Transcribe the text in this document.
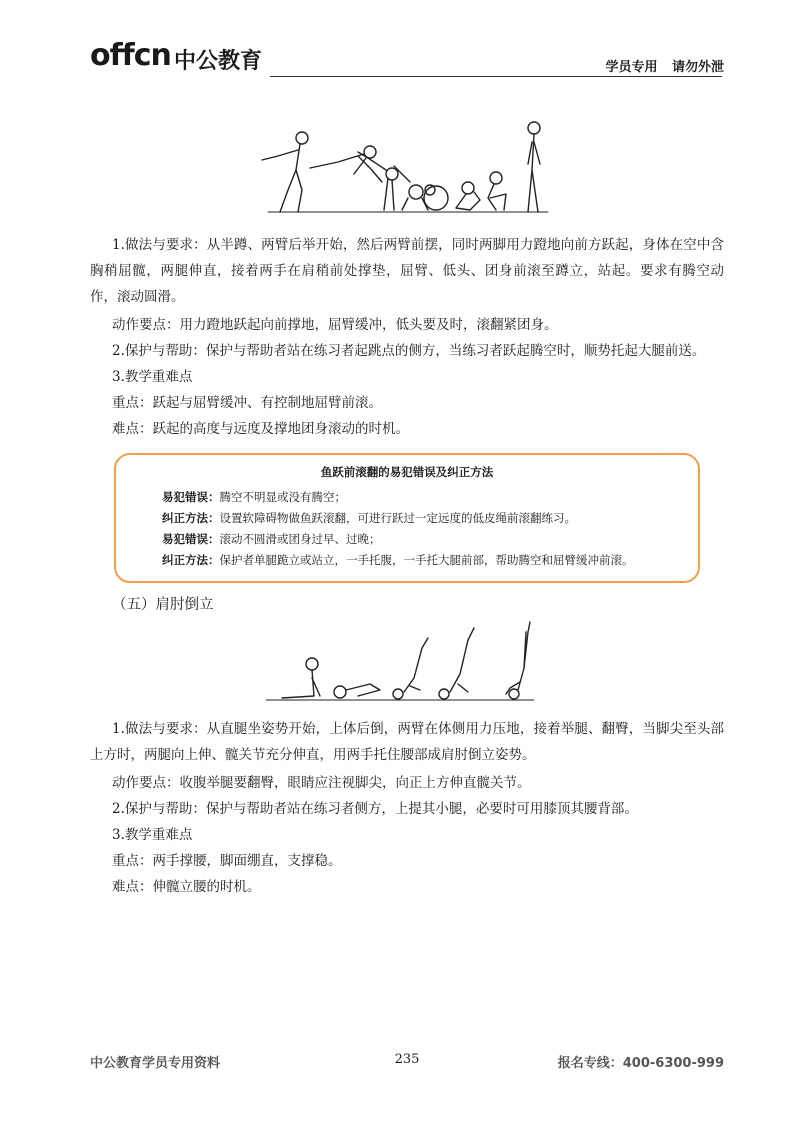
offcn 中公教育	学员专用 请勿外泄
1.做法与要求：从半蹲、两臂后举开始，然后两臂前摆，同时两脚用力蹬地向前方跃起，身体在空中含胸稍屈髋，两腿伸直，接着两手在肩稍前处撑垫，屈臂、低头、团身前滚至蹲立，站起。要求有腾空动作，滚动圆滑。
动作要点：用力蹬地跃起向前撑地，屈臂缓冲，低头要及时，滚翻紧团身。
2.保护与帮助：保护与帮助者站在练习者起跳点的侧方，当练习者跃起腾空时，顺势托起大腿前送。
3.教学重难点
重点：跃起与屈臂缓冲、有控制地屈臂前滚。
难点：跃起的高度与远度及撑地团身滚动的时机。
鱼跃前滚翻的易犯错误及纠正方法
易犯错误：腾空不明显或没有腾空；
纠正方法：设置软障碍物做鱼跃滚翻，可进行跃过一定远度的低皮绳前滚翻练习。
易犯错误：滚动不圆滑或团身过早、过晚；
纠正方法：保护者单腿跪立或站立，一手托腹，一手托大腿前部，帮助腾空和屈臂缓冲前滚。
（五）肩肘倒立
1.做法与要求：从直腿坐姿势开始，上体后倒，两臂在体侧用力压地，接着举腿、翻臀，当脚尖至头部上方时，两腿向上伸、髋关节充分伸直，用两手托住腰部成肩肘倒立姿势。
动作要点：收腹举腿要翻臀，眼睛应注视脚尖，向正上方伸直髋关节。
2.保护与帮助：保护与帮助者站在练习者侧方，上提其小腿，必要时可用膝顶其腰背部。
3.教学重难点
重点：两手撑腰，脚面绷直，支撑稳。
难点：伸髋立腰的时机。
中公教育学员专用资料	235	报名专线：400-6300-999
